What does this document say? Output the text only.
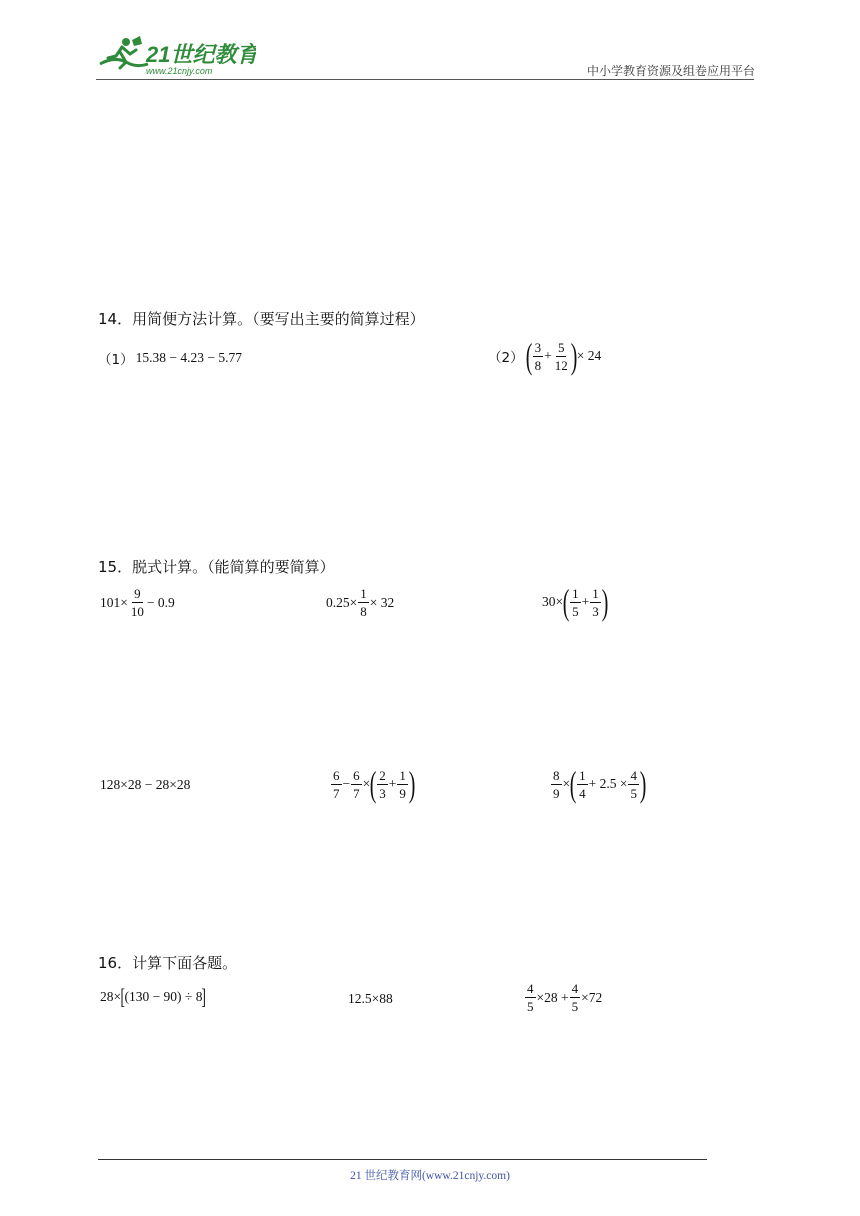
21世纪教育
www.21cnjy.com	中小学教育资源及组卷应用平台
14．用简便方法计算。（要写出主要的简算过程）
（1） 15.38 − 4.23 − 5.77	（2） ( $\frac{3}{8} + \frac{5}{12}$ ) × 24
15．脱式计算。（能简算的要简算）
$101\times \frac{9}{10} - 0.9$	$0.25\times \frac{1}{8} \times 32$	30× ( $\frac{1}{5} + \frac{1}{3}$ )
128×28 − 28×28	$\frac{6}{7} - \frac{6}{7}$ × ( $\frac{2}{3} + \frac{1}{9}$ )	$\frac{8}{9}$ × ( $\frac{1}{4} + 2.5 \times \frac{4}{5}$ )
16．计算下面各题。
28× [ (130 − 90) ÷ 8 ]	12.5×88	$\frac{4}{5} \times 28 + \frac{4}{5} \times 72$
21 世纪教育网(www.21cnjy.com)
